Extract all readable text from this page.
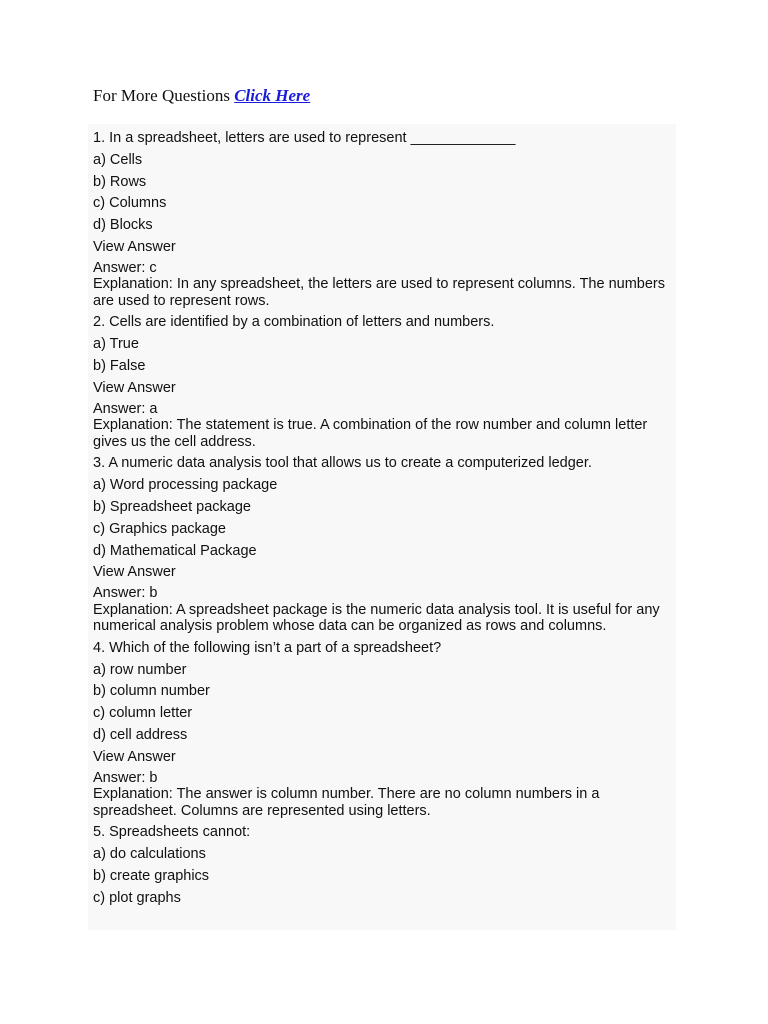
For More Questions Click Here
1. In a spreadsheet, letters are used to represent _____________
a) Cells
b) Rows
c) Columns
d) Blocks
View Answer
Answer: c
Explanation: In any spreadsheet, the letters are used to represent columns. The numbers are used to represent rows.
2. Cells are identified by a combination of letters and numbers.
a) True
b) False
View Answer
Answer: a
Explanation: The statement is true. A combination of the row number and column letter gives us the cell address.
3. A numeric data analysis tool that allows us to create a computerized ledger.
a) Word processing package
b) Spreadsheet package
c) Graphics package
d) Mathematical Package
View Answer
Answer: b
Explanation: A spreadsheet package is the numeric data analysis tool. It is useful for any numerical analysis problem whose data can be organized as rows and columns.
4. Which of the following isn’t a part of a spreadsheet?
a) row number
b) column number
c) column letter
d) cell address
View Answer
Answer: b
Explanation: The answer is column number. There are no column numbers in a spreadsheet. Columns are represented using letters.
5. Spreadsheets cannot:
a) do calculations
b) create graphics
c) plot graphs
